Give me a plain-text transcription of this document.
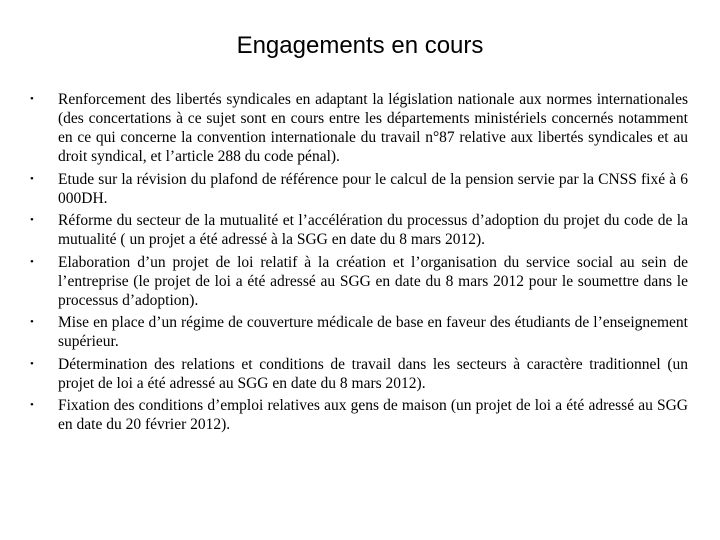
Engagements en cours
•	Renforcement des libertés syndicales en adaptant la législation nationale aux normes internationales (des concertations à ce sujet sont en cours entre les départements ministériels concernés notamment en ce qui concerne la convention internationale du travail n°87 relative aux libertés syndicales et au droit syndical, et l’article 288 du code pénal).
•	Etude sur la révision du plafond de référence pour le calcul de la pension servie par la CNSS fixé à 6 000DH.
•	Réforme du secteur de la mutualité et l’accélération du processus d’adoption du projet du code de la mutualité ( un projet a été adressé à la SGG en date du 8 mars 2012).
•	Elaboration d’un projet de loi relatif à la création et l’organisation du service social au sein de l’entreprise (le projet de loi a été adressé au SGG en date du 8 mars 2012 pour le soumettre dans le processus d’adoption).
•	Mise en place d’un régime de couverture médicale de base en faveur des étudiants de l’enseignement supérieur.
•	Détermination des relations et conditions de travail dans les secteurs à caractère traditionnel (un projet de loi a été adressé au SGG en date du 8 mars 2012).
•	Fixation des conditions d’emploi relatives aux gens de maison (un projet de loi a été adressé au SGG en date du 20 février 2012).
